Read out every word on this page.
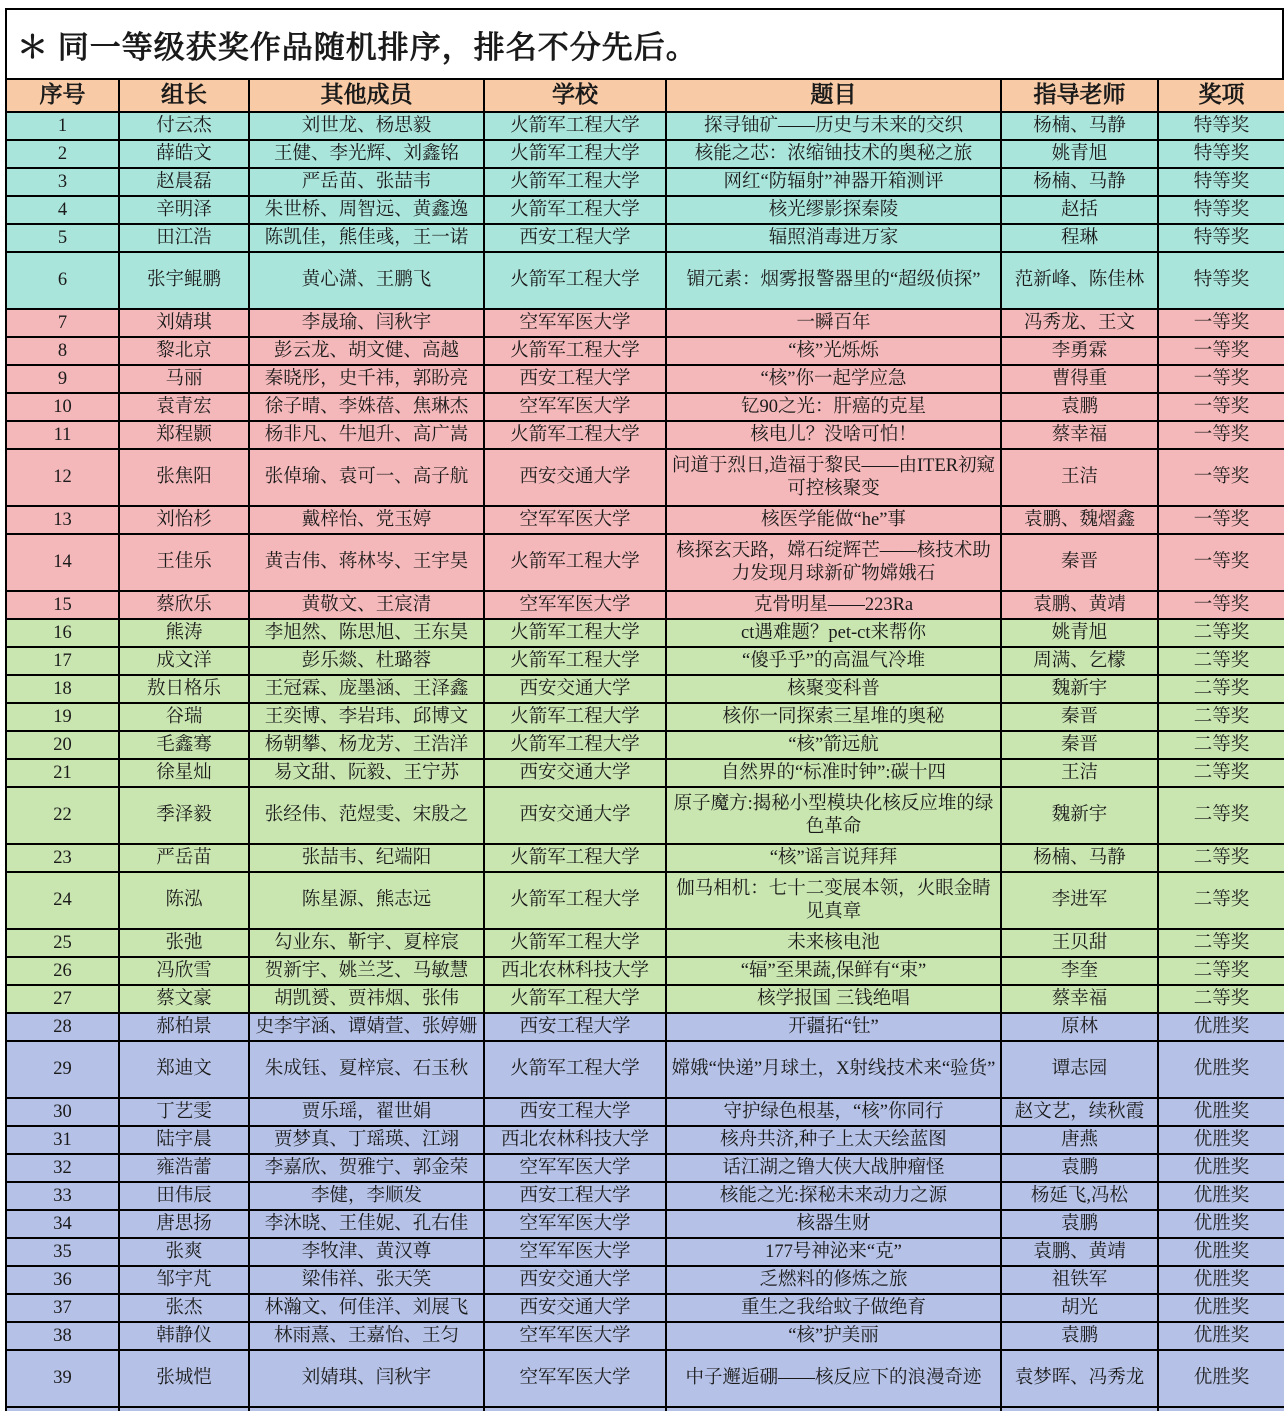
＊ 同一等级获奖作品随机排序，排名不分先后。
序号	组长	其他成员	学校	题目	指导老师	奖项
1	付云杰	刘世龙、杨思毅	火箭军工程大学	探寻铀矿——历史与未来的交织	杨楠、马静	特等奖
2	薛皓文	王健、李光辉、刘鑫铭	火箭军工程大学	核能之芯：浓缩铀技术的奥秘之旅	姚青旭	特等奖
3	赵晨磊	严岳苗、张喆韦	火箭军工程大学	网红“防辐射”神器开箱测评	杨楠、马静	特等奖
4	辛明泽	朱世桥、周智远、黄鑫逸	火箭军工程大学	核光缪影探秦陵	赵括	特等奖
5	田江浩	陈凯佳，熊佳彧，王一诺	西安工程大学	辐照消毒进万家	程琳	特等奖
6	张宇鲲鹏	黄心潇、王鹏飞	火箭军工程大学	镅元素：烟雾报警器里的“超级侦探”	范新峰、陈佳林	特等奖
7	刘婧琪	李晟瑜、闫秋宇	空军军医大学	一瞬百年	冯秀龙、王文	一等奖
8	黎北京	彭云龙、胡文健、高越	火箭军工程大学	“核”光烁烁	李勇霖	一等奖
9	马丽	秦晓彤，史千祎，郭盼亮	西安工程大学	“核”你一起学应急	曹得重	一等奖
10	袁青宏	徐子晴、李姝蓓、焦琳杰	空军军医大学	钇90之光：肝癌的克星	袁鹏	一等奖
11	郑程颢	杨非凡、牛旭升、高广嵩	火箭军工程大学	核电儿？没啥可怕！	蔡幸福	一等奖
12	张焦阳	张倬瑜、袁可一、高子航	西安交通大学	问道于烈日,造福于黎民——由ITER初窥可控核聚变	王洁	一等奖
13	刘怡杉	戴梓怡、党玉婷	空军军医大学	核医学能做“he”事	袁鹏、魏熠鑫	一等奖
14	王佳乐	黄吉伟、蒋林岑、王宇昊	火箭军工程大学	核探玄天路，嫦石绽辉芒——核技术助力发现月球新矿物嫦娥石	秦晋	一等奖
15	蔡欣乐	黄敬文、王宸清	空军军医大学	克骨明星——223Ra	袁鹏、黄靖	一等奖
16	熊涛	李旭然、陈思旭、王东昊	火箭军工程大学	ct遇难题？pet-ct来帮你	姚青旭	二等奖
17	成文洋	彭乐燚、杜璐蓉	火箭军工程大学	“傻乎乎”的高温气冷堆	周满、乞檬	二等奖
18	敖日格乐	王冠霖、庞墨涵、王泽鑫	西安交通大学	核聚变科普	魏新宇	二等奖
19	谷瑞	王奕博、李岩玮、邱博文	火箭军工程大学	核你一同探索三星堆的奥秘	秦晋	二等奖
20	毛鑫骞	杨朝攀、杨龙芳、王浩洋	火箭军工程大学	“核”箭远航	秦晋	二等奖
21	徐星灿	易文甜、阮毅、王宁苏	西安交通大学	自然界的“标准时钟”:碳十四	王洁	二等奖
22	季泽毅	张经伟、范煜雯、宋殷之	西安交通大学	原子魔方:揭秘小型模块化核反应堆的绿色革命	魏新宇	二等奖
23	严岳苗	张喆韦、纪端阳	火箭军工程大学	“核”谣言说拜拜	杨楠、马静	二等奖
24	陈泓	陈星源、熊志远	火箭军工程大学	伽马相机：七十二变展本领，火眼金睛见真章	李进军	二等奖
25	张弛	勾业东、靳宇、夏梓宸	火箭军工程大学	未来核电池	王贝甜	二等奖
26	冯欣雪	贺新宇、姚兰芝、马敏慧	西北农林科技大学	“辐”至果蔬,保鲜有“束”	李奎	二等奖
27	蔡文豪	胡凯赟、贾祎烟、张伟	火箭军工程大学	核学报国 三钱绝唱	蔡幸福	二等奖
28	郝柏景	史李宇涵、谭婧萱、张婷姗	西安工程大学	开疆拓“钍”	原林	优胜奖
29	郑迪文	朱成钰、夏梓宸、石玉秋	火箭军工程大学	嫦娥“快递”月球土，X射线技术来“验货”	谭志园	优胜奖
30	丁艺雯	贾乐瑶，翟世娟	西安工程大学	守护绿色根基，“核”你同行	赵文艺，续秋霞	优胜奖
31	陆宇晨	贾梦真、丁瑶瑛、江翊	西北农林科技大学	核舟共济,种子上太天绘蓝图	唐燕	优胜奖
32	雍浩蕾	李嘉欣、贺雅宁、郭金荣	空军军医大学	话江湖之镥大侠大战肿瘤怪	袁鹏	优胜奖
33	田伟辰	李健，李顺发	西安工程大学	核能之光:探秘未来动力之源	杨延飞,冯松	优胜奖
34	唐思扬	李沐晓、王佳妮、孔右佳	空军军医大学	核器生财	袁鹏	优胜奖
35	张爽	李牧津、黄汉尊	空军军医大学	177号神泌来“克”	袁鹏、黄靖	优胜奖
36	邹宇芃	梁伟祥、张天笑	西安交通大学	乏燃料的修炼之旅	祖铁军	优胜奖
37	张杰	林瀚文、何佳洋、刘展飞	西安交通大学	重生之我给蚊子做绝育	胡光	优胜奖
38	韩静仪	林雨熹、王嘉怡、王匀	空军军医大学	“核”护美丽	袁鹏	优胜奖
39	张城恺	刘婧琪、闫秋宇	空军军医大学	中子邂逅硼——核反应下的浪漫奇迹	袁梦晖、冯秀龙	优胜奖
